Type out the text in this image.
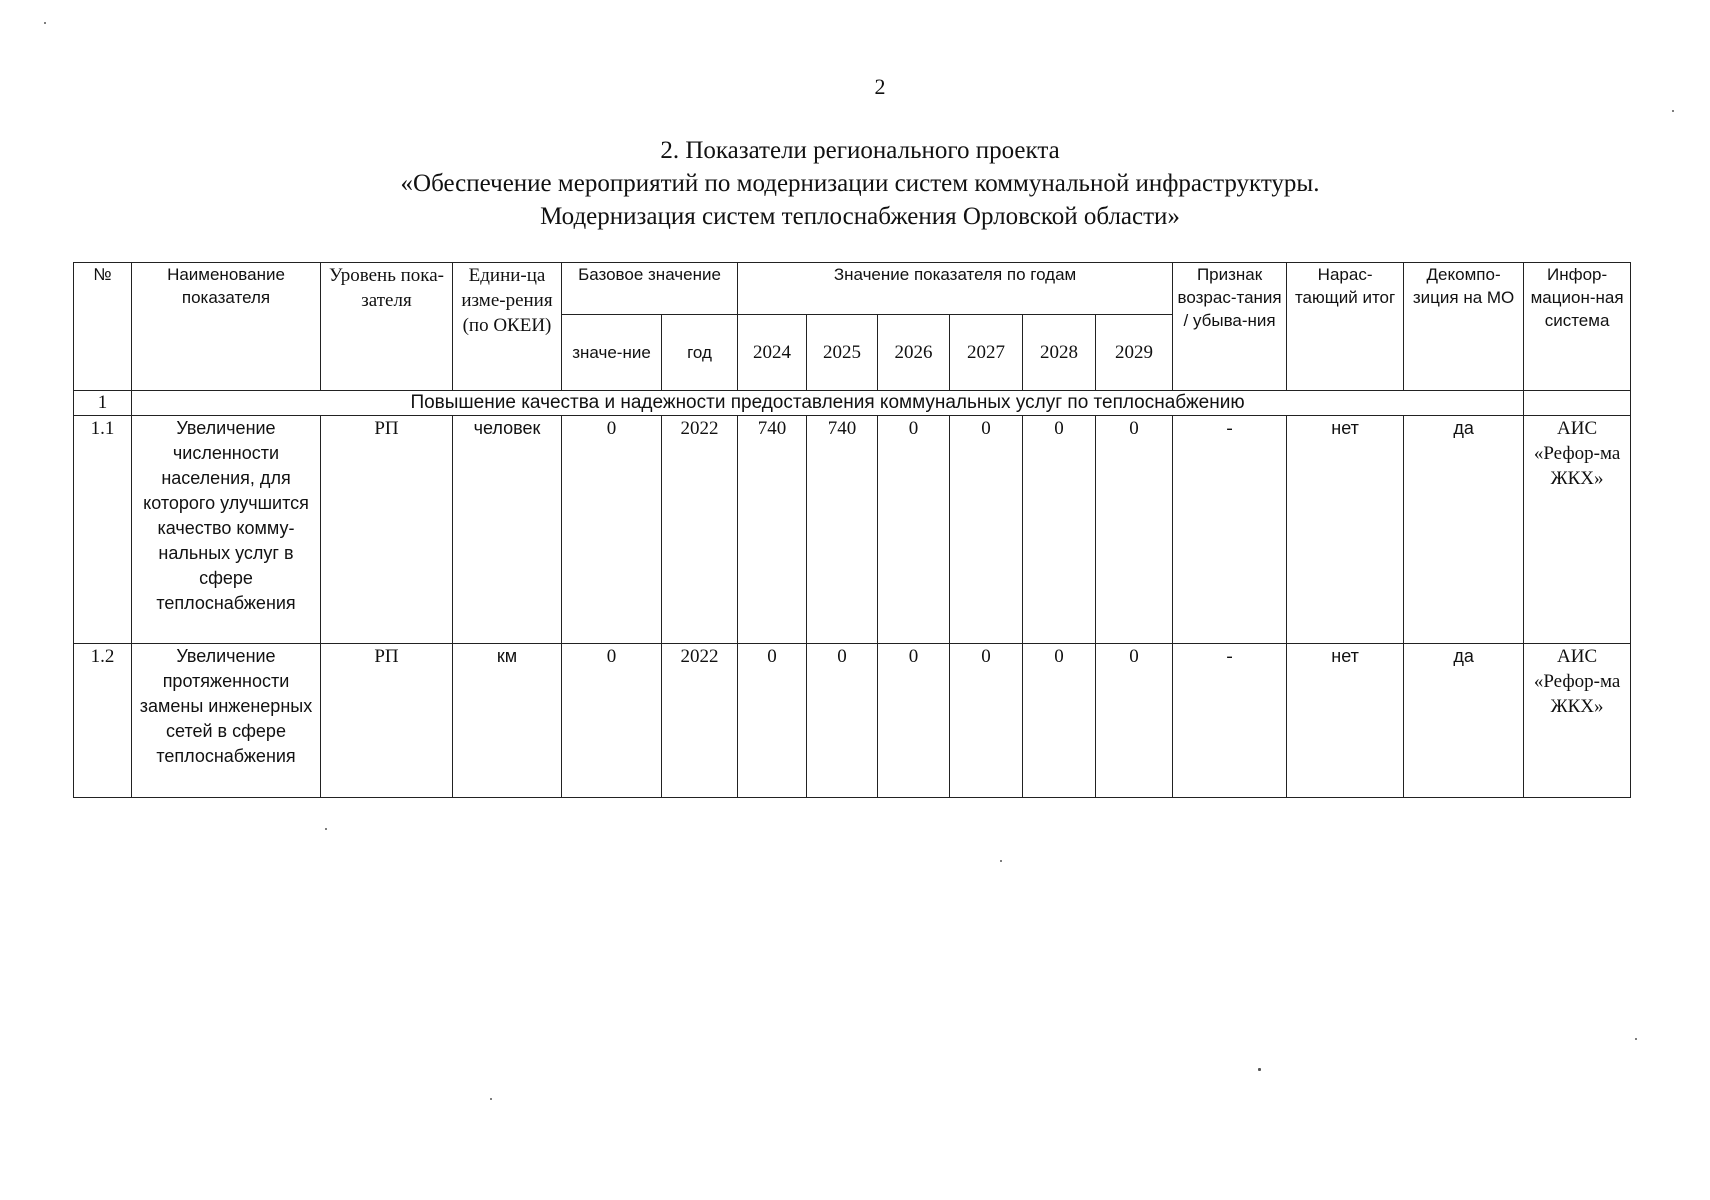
2
2. Показатели регионального проекта
«Обеспечение мероприятий по модернизации систем коммунальной инфраструктуры.
Модернизация систем теплоснабжения Орловской области»
№	Наименование показателя	Уровень пока-зателя	Едини-ца изме-рения (по ОКЕИ)	Базовое значение		Значение показателя по годам						Признак возрас-тания / убыва-ния	Нарас-тающий итог	Декомпо-зиция на МО	Инфор-мацион-ная система
				значе-ние	год	2024	2025	2026	2027	2028	2029				
1	Повышение качества и надежности предоставления коммунальных услуг по теплоснабжению														
1.1	Увеличение численности населения, для которого улучшится качество комму-нальных услуг в сфере теплоснабжения	РП	человек	0	2022	740	740	0	0	0	0	-	нет	да	АИС «Рефор-ма ЖКХ»
1.2	Увеличение протяженности замены инженерных сетей в сфере теплоснабжения	РП	км	0	2022	0	0	0	0	0	0	-	нет	да	АИС «Рефор-ма ЖКХ»
